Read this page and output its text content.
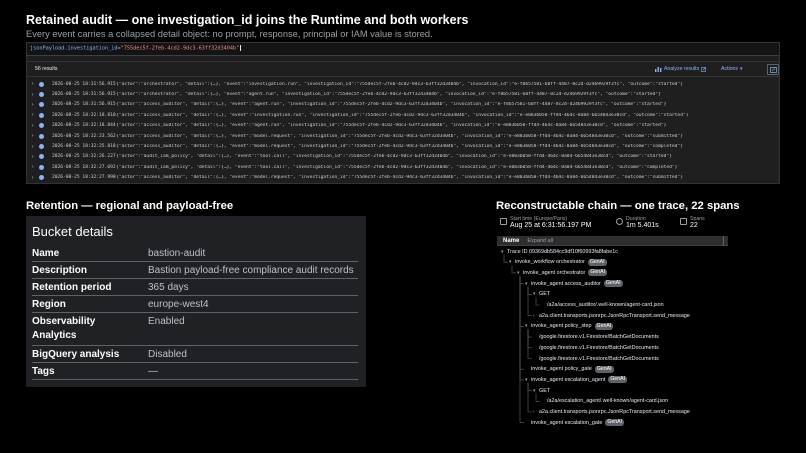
Retained audit — one investigation_id joins the Runtime and both workers
Every event carries a collapsed detail object: no prompt, response, principal or IAM value is stored.
jsonPayload.investigation_id="755dec5f-2feb-4cd2-9dc3-63ff32d3404b"
56 results	Analyze results	Actions ▾
›	2026-08-25 18:31:56.915 {"actor":"orchestrator", "detail":{…}, "event":"investigation.run", "investigation_id":"755dec5f-2feb-4cd2-9dc3-63ff32d3404b", "invocation_id":"e-f8b57581-60ff-4487-8c2d-d2469929f3fc", "outcome":"started"}
›	2026-08-25 18:31:56.915 {"actor":"orchestrator", "detail":{…}, "event":"agent.run", "investigation_id":"755dec5f-2feb-4cd2-9dc3-63ff32d3404b", "invocation_id":"e-f8b57581-60ff-4487-8c2d-d2469929f3fc", "outcome":"started"}
›	2026-08-25 18:31:56.915 {"actor":"access_auditor", "detail":{…}, "event":"agent.run", "investigation_id":"755dec5f-2feb-4cd2-9dc3-63ff32d3404b", "invocation_id":"e-f8b57581-60ff-4487-8c2d-d2469929f3fc", "outcome":"started"}
›	2026-08-25 18:32:18.810 {"actor":"access_auditor", "detail":{…}, "event":"investigation.run", "investigation_id":"755dec5f-2feb-4cd2-9dc3-63ff32d3404b", "invocation_id":"e-e883b058-ffd4-464c-8a84-6654843e30cd", "outcome":"started"}
›	2026-08-25 18:32:18.844 {"actor":"access_auditor", "detail":{…}, "event":"agent.run", "investigation_id":"755dec5f-2feb-4cd2-9dc3-63ff32d3404b", "invocation_id":"e-e883b058-ffd4-464c-8a84-6654843e30cd", "outcome":"started"}
›	2026-08-25 18:32:23.562 {"actor":"access_auditor", "detail":{…}, "event":"model.request", "investigation_id":"755dec5f-2feb-4cd2-9dc3-63ff32d3404b", "invocation_id":"e-e883b058-ffd4-464c-8a84-6654843e30cd", "outcome":"submitted"}
›	2026-08-25 18:32:25.818 {"actor":"access_auditor", "detail":{…}, "event":"model.request", "investigation_id":"755dec5f-2feb-4cd2-9dc3-63ff32d3404b", "invocation_id":"e-e883b058-ffd4-464c-8a84-6654843e30cd", "outcome":"completed"}
›	2026-08-25 18:32:26.227 {"actor":"audit_iam_policy", "detail":{…}, "event":"tool.call", "investigation_id":"755dec5f-2feb-4cd2-9dc3-63ff32d3404b", "invocation_id":"e-e883b058-ffd4-464c-8a84-6654843e30cd", "outcome":"started"}
›	2026-08-25 18:32:27.692 {"actor":"audit_iam_policy", "detail":{…}, "event":"tool.call", "investigation_id":"755dec5f-2feb-4cd2-9dc3-63ff32d3404b", "invocation_id":"e-e883b058-ffd4-464c-8a84-6654843e30cd", "outcome":"completed"}
›	2026-08-25 18:32:27.998 {"actor":"access_auditor", "detail":{…}, "event":"model.request", "investigation_id":"755dec5f-2feb-4cd2-9dc3-63ff32d3404b", "invocation_id":"e-e883b058-ffd4-464c-8a84-6654843e30cd", "outcome":"submitted"}
Retention — regional and payload-free
Bucket details
Name	bastion-audit
Description	Bastion payload-free compliance audit records
Retention period	365 days
Region	europe-west4
Observability Analytics
Enabled
BigQuery analysis	Disabled
Tags	—
Reconstructable chain — one trace, 22 spans
Start time (Europe/Paris)
Aug 25 at 6:31:56.197 PM
Duration
1m 5.401s
Spans
22
Name Expand all
▾ Trace ID 09369db584cc9df10f60993fa8fabe1c
▾ invoke_workflow orchestrator GenAI
▾ invoke_agent orchestrator GenAI
▾ invoke_agent access_auditor GenAI
▾ GET
/a2a/access_auditor/.well-known/agent-card.json
› a2a.client.transports.jsonrpc.JsonRpcTransport.send_message
▾ invoke_agent policy_step GenAI
/google.firestore.v1.Firestore/BatchGetDocuments
/google.firestore.v1.Firestore/BatchGetDocuments
/google.firestore.v1.Firestore/BatchGetDocuments
invoke_agent policy_gate GenAI
▾ invoke_agent escalation_agent GenAI
▾ GET
/a2a/escalation_agent/.well-known/agent-card.json
› a2a.client.transports.jsonrpc.JsonRpcTransport.send_message
invoke_agent escalation_gate GenAI
